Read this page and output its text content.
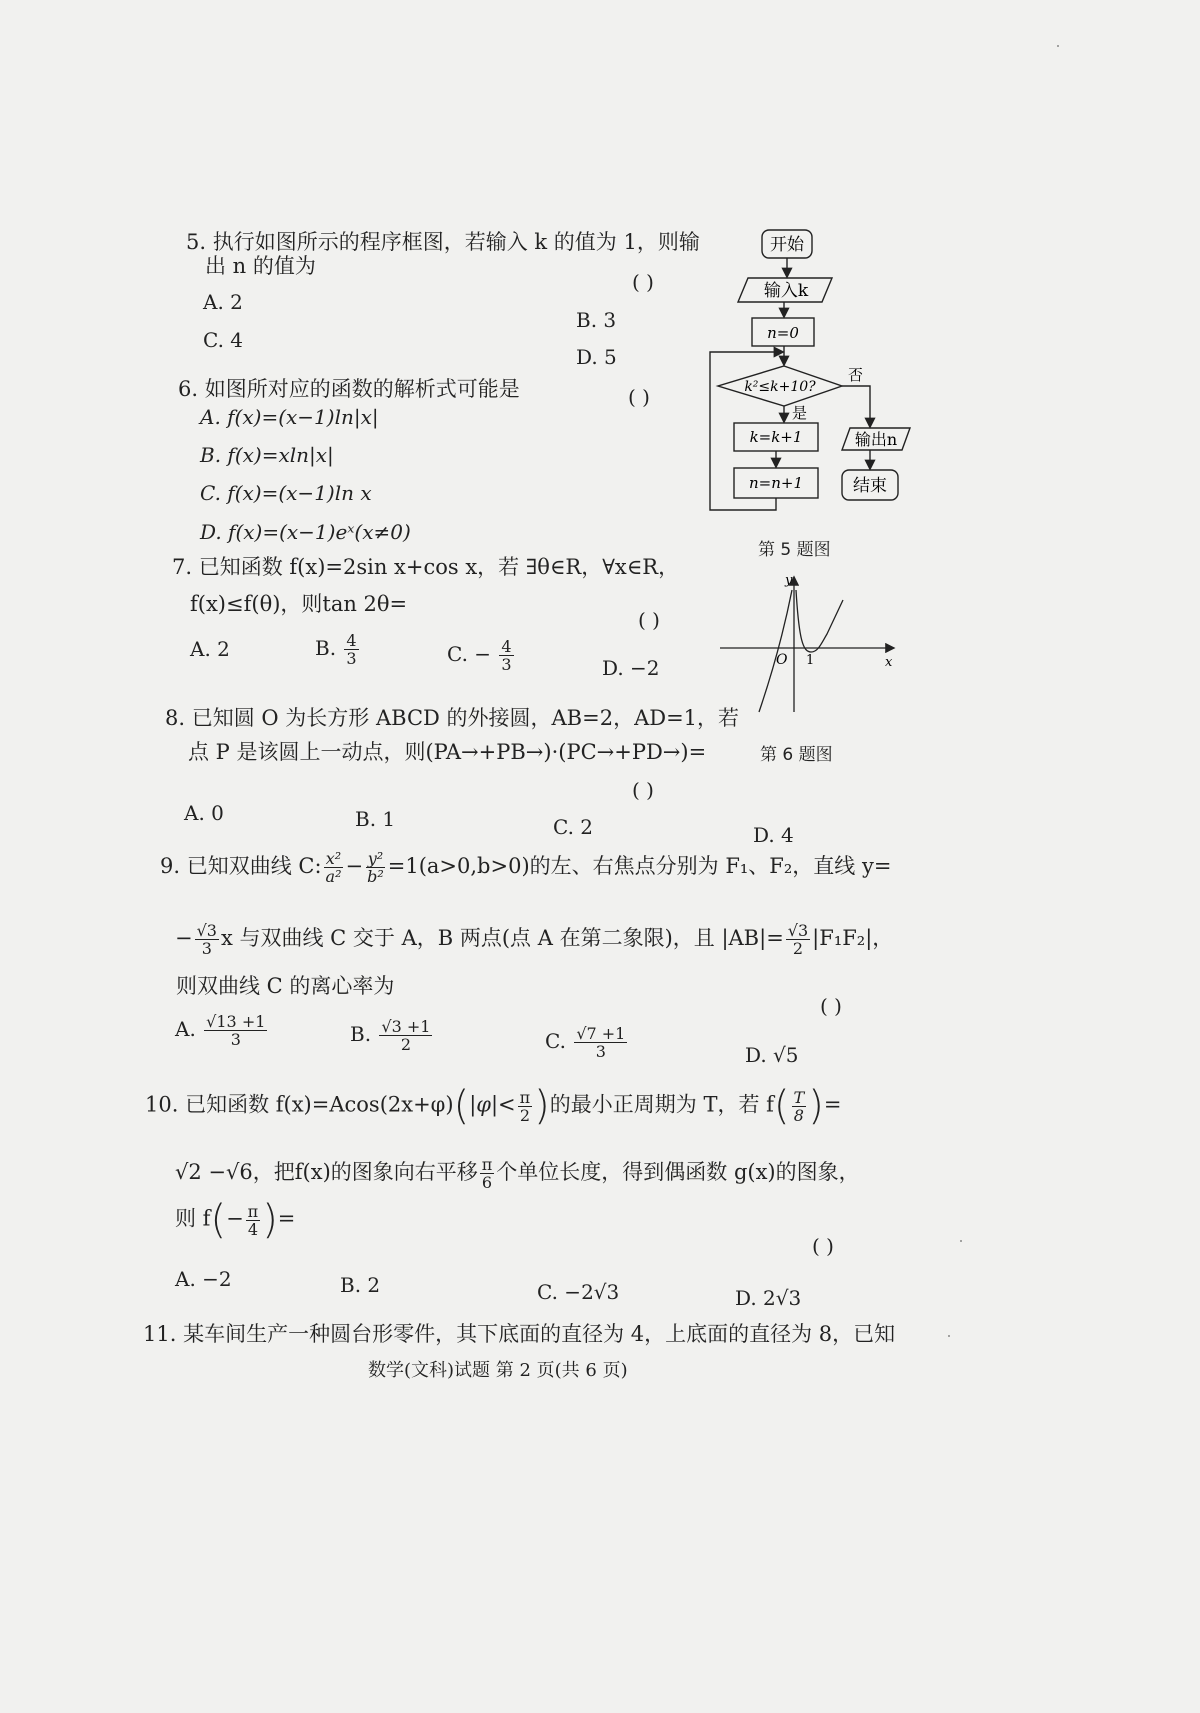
5. 执行如图所示的程序框图，若输入 k 的值为 1，则输
出 n 的值为
( )
A. 2
B. 3
C. 4
D. 5
开始
输入k
n=0
k²≤k+10?
是
否
k=k+1
n=n+1
输出n
结束
第 5 题图
6. 如图所对应的函数的解析式可能是	( )
A. f(x)=(x−1)ln|x|
B. f(x)=xln|x|
C. f(x)=(x−1)ln x
D. f(x)=(x−1)eˣ(x≠0)
y
x
O 1
第 6 题图
7. 已知函数 f(x)=2sin x+cos x，若 ∃θ∈R，∀x∈R，
f(x)≤f(θ)，则tan 2θ=
( )
A. 2	B. $\frac{4}{3}$	C. − $\frac{4}{3}$	D. −2
8. 已知圆 O 为长方形 ABCD 的外接圆，AB=2，AD=1，若
点 P 是该圆上一动点，则(PA→+PB→)·(PC→+PD→)=
( )
A. 0	B. 1	C. 2	D. 4
9. 已知双曲线 C: $\frac{\text{x²}}{\text{a²}} - \frac{\text{y²}}{\text{b²}} =1(a>0,b>0)$的左、右焦点分别为 F₁、F₂，直线 y=
− $\frac{√3}{3}$ x 与双曲线 C 交于 A，B 两点(点 A 在第二象限)，且 $|AB|= \frac{√3}{2} |F_1F_2|$，
则双曲线 C 的离心率为
( )
A. $\frac{√13 +1}{3}$	B. $\frac{√3 +1}{2}$	C. $\frac{√7 +1}{3}$	D. √5
10. 已知函数 $f(x)=Acos(2x+\varphi)(|\varphi|< \frac{\pi}{2}$ )的最小正周期为 T，若 $f( \frac{T}{8}$ )=
√2 −√6，把f(x)的图象向右平移 $\frac{\pi}{6}$ 个单位长度，得到偶函数 g(x)的图象，
则 $f(- \frac{\pi}{4}$ )=
( )
A. −2	B. 2	C. −2√3	D. 2√3
11. 某车间生产一种圆台形零件，其下底面的直径为 4，上底面的直径为 8，已知
数学(文科)试题 第 2 页(共 6 页)
